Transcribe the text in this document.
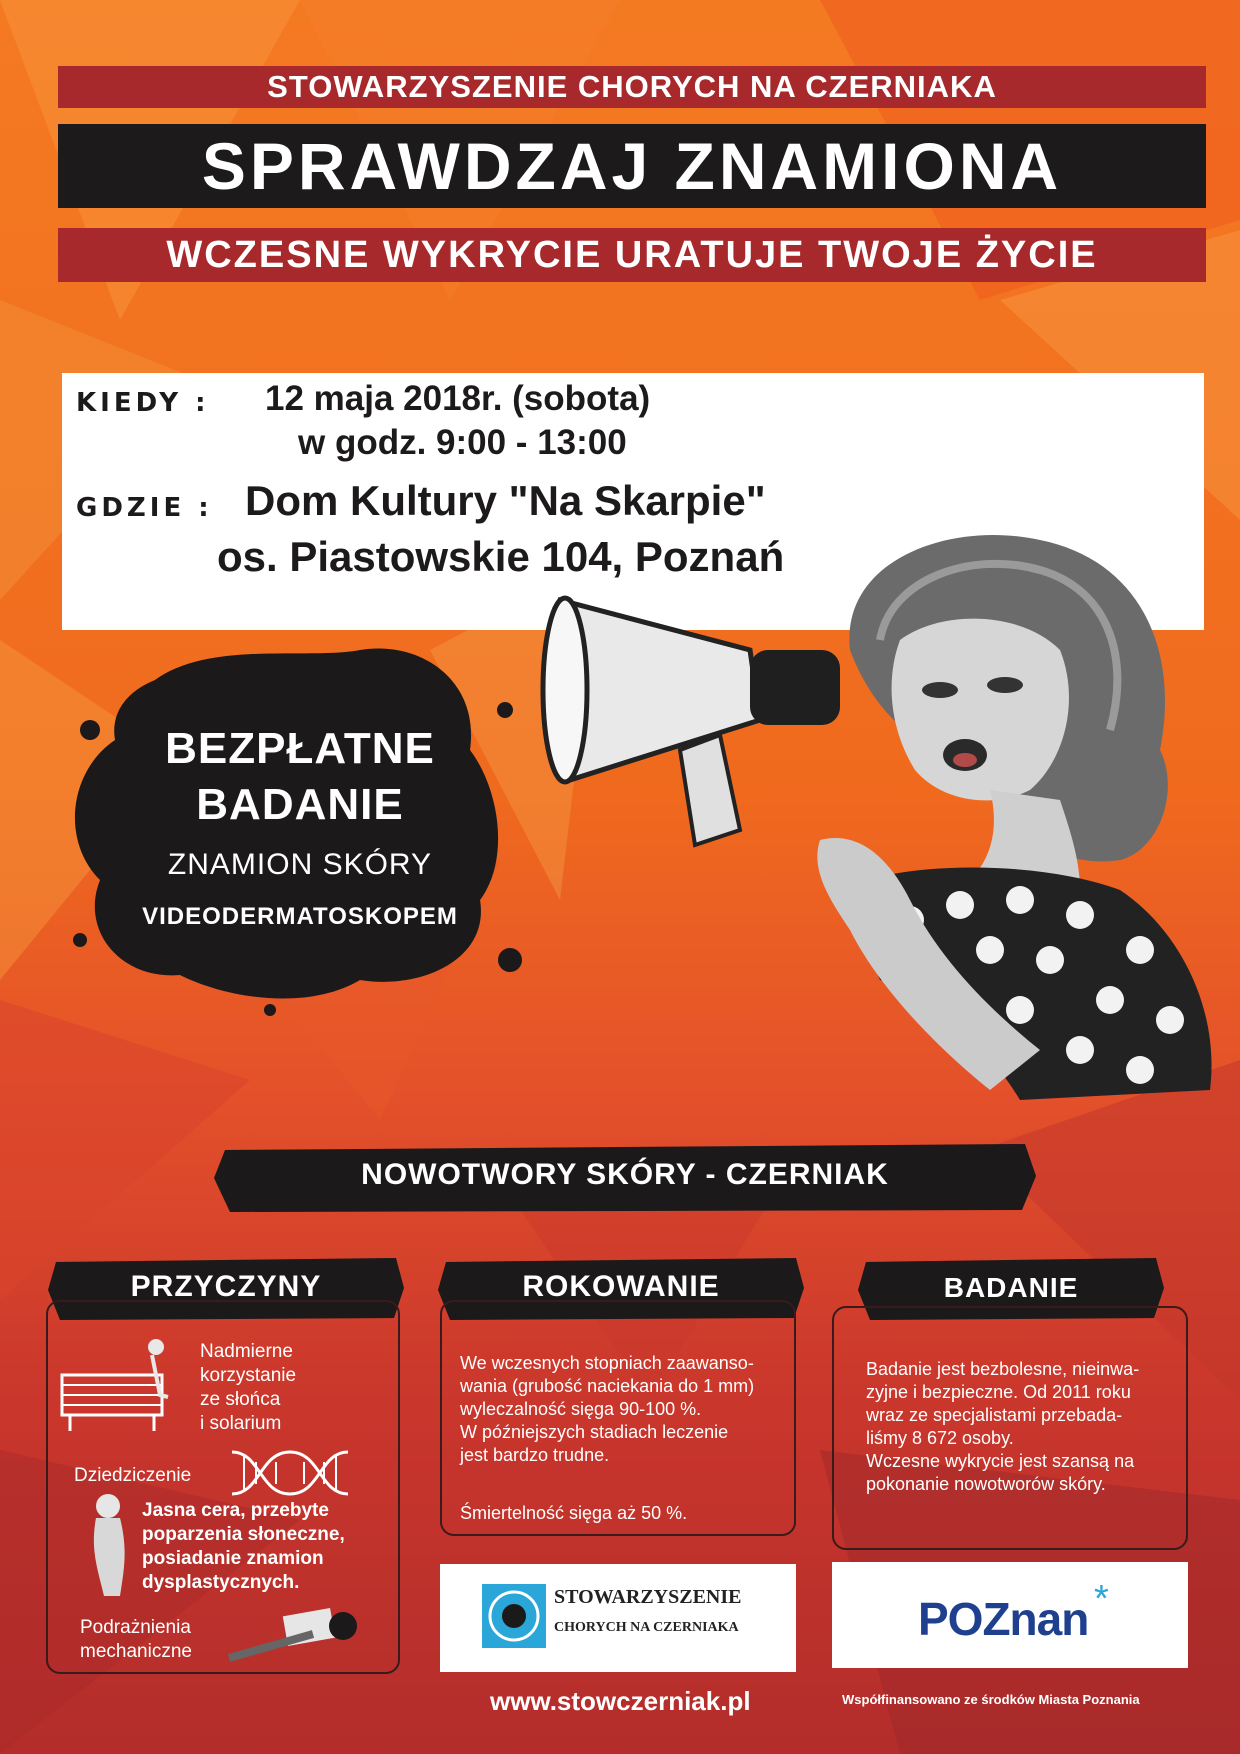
STOWARZYSZENIE CHORYCH NA CZERNIAKA
SPRAWDZAJ ZNAMIONA
WCZESNE WYKRYCIE URATUJE TWOJE ŻYCIE
KIEDY : 12 maja 2018r. (sobota)
w godz. 9:00 - 13:00
GDZIE : Dom Kultury "Na Skarpie"
os. Piastowskie 104, Poznań
BEZPŁATNE
BADANIE
ZNAMION SKÓRY
VIDEODERMATOSKOPEM
NOWOTWORY SKÓRY - CZERNIAK
PRZYCZYNY	ROKOWANIE	BADANIE
Nadmierne
korzystanie
ze słońca
i solarium
Dziedziczenie
Jasna cera, przebyte
poparzenia słoneczne,
posiadanie znamion
dysplastycznych.
Podrażnienia
mechaniczne
We wczesnych stopniach zaawanso-
wania (grubość naciekania do 1 mm)
wyleczalność sięga 90-100 %.
W późniejszych stadiach leczenie
jest bardzo trudne.
Śmiertelność sięga aż 50 %.
Badanie jest bezbolesne, nieinwa-
zyjne i bezpieczne. Od 2011 roku
wraz ze specjalistami przebada-
liśmy 8 672 osoby.
Wczesne wykrycie jest szansą na
pokonanie nowotworów skóry.
STOWARZYSZENIE
CHORYCH NA CZERNIAKA	POZnan *
www.stowczerniak.pl	Współfinansowano ze środków Miasta Poznania
